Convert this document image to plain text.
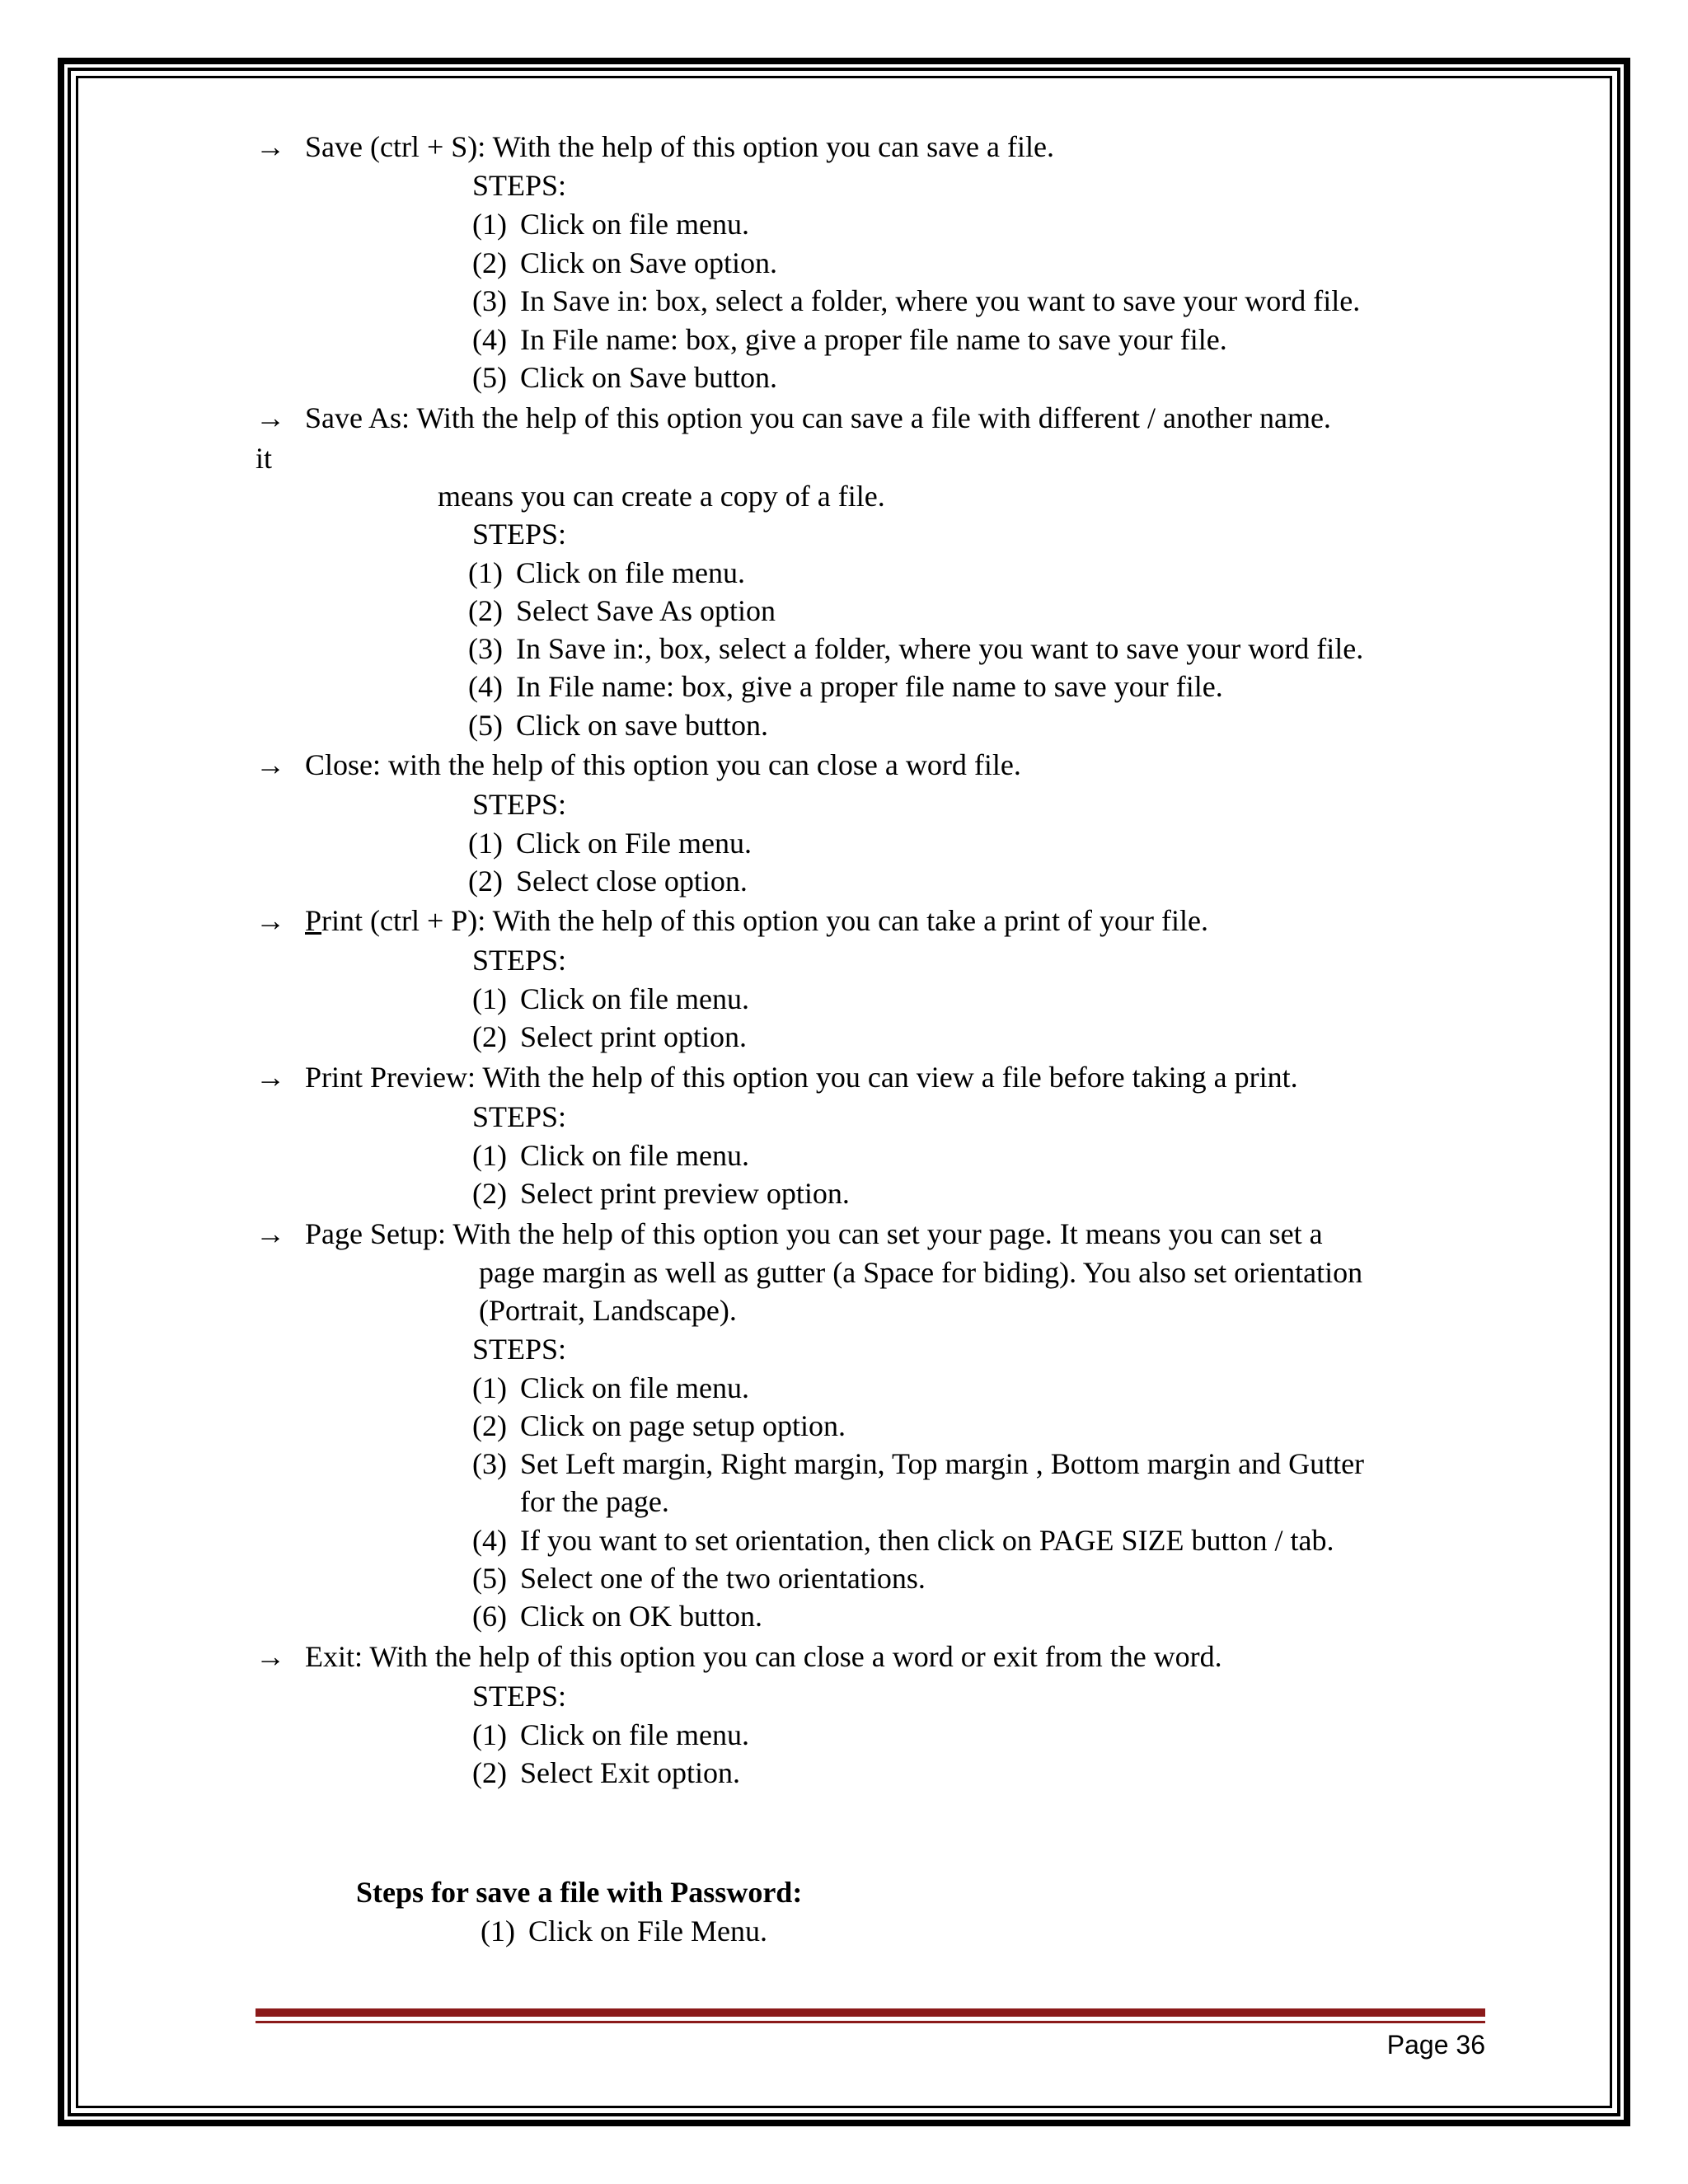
→ Save (ctrl + S): With the help of this option you can save a file.
STEPS:
(1) Click on file menu.
(2) Click on Save option.
(3) In Save in: box, select a folder, where you want to save your word file.
(4) In File name: box, give a proper file name to save your file.
(5) Click on Save button.
→ Save As: With the help of this option you can save a file with different / another name.
it
means you can create a copy of a file.
STEPS:
(1) Click on file menu.
(2) Select Save As option
(3) In Save in:, box, select a folder, where you want to save your word file.
(4) In File name: box, give a proper file name to save your file.
(5) Click on save button.
→ Close: with the help of this option you can close a word file.
STEPS:
(1) Click on File menu.
(2) Select close option.
→ Print (ctrl + P): With the help of this option you can take a print of your file.
STEPS:
(1) Click on file menu.
(2) Select print option.
→ Print Preview: With the help of this option you can view a file before taking a print.
STEPS:
(1) Click on file menu.
(2) Select print preview option.
→ Page Setup: With the help of this option you can set your page. It means you can set a
page margin as well as gutter (a Space for biding). You also set orientation
(Portrait, Landscape).
STEPS:
(1) Click on file menu.
(2) Click on page setup option.
(3) Set Left margin, Right margin, Top margin , Bottom margin and Gutter
for the page.
(4) If you want to set orientation, then click on PAGE SIZE button / tab.
(5) Select one of the two orientations.
(6) Click on OK button.
→ Exit: With the help of this option you can close a word or exit from the word.
STEPS:
(1) Click on file menu.
(2) Select Exit option.
Steps for save a file with Password:
(1) Click on File Menu.
Page 36
